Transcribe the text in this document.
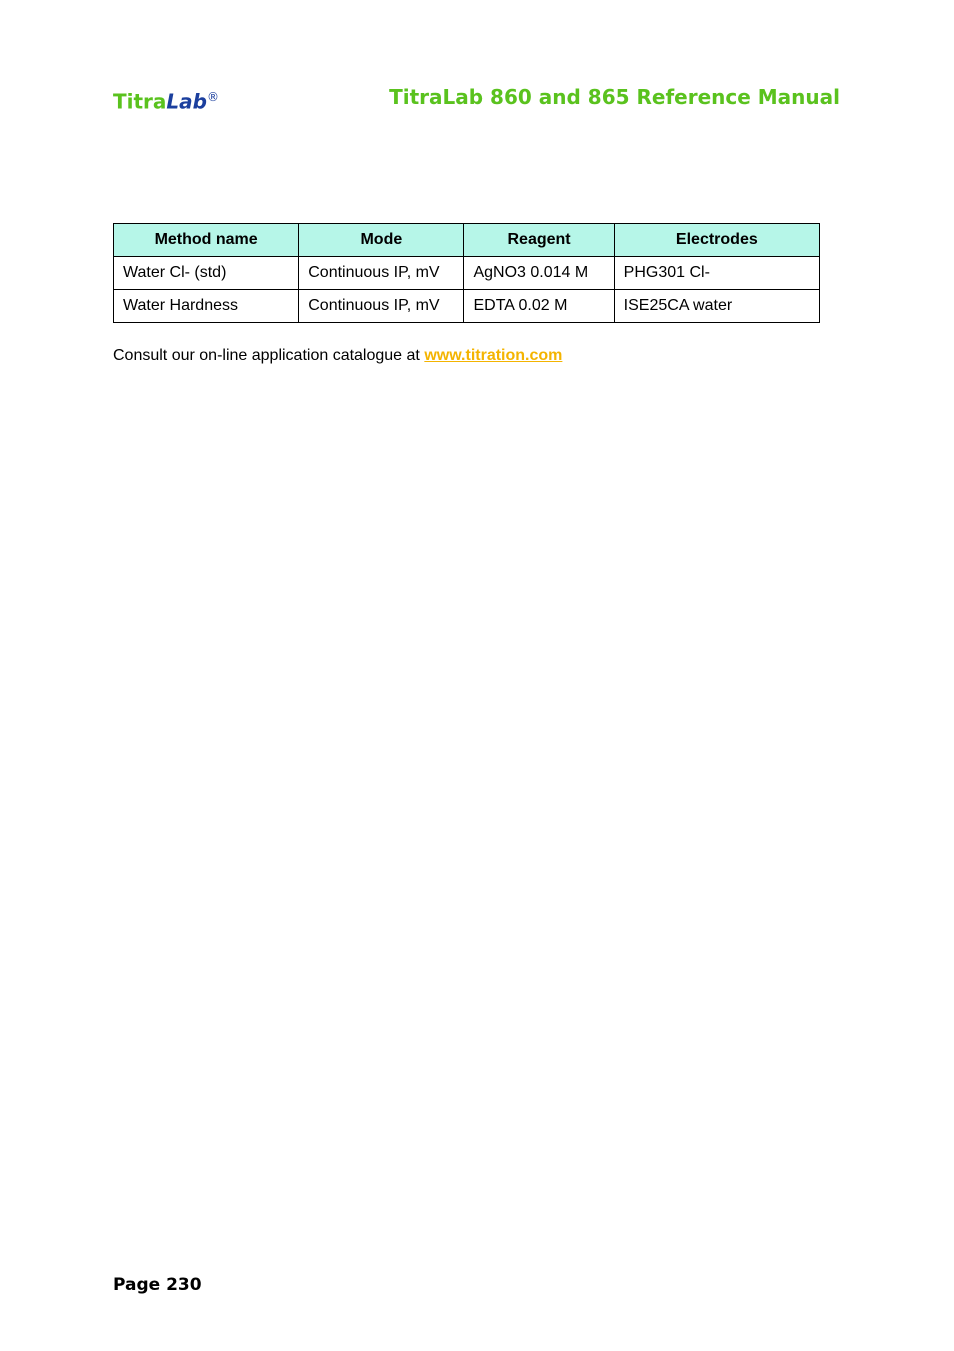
TitraLab®	TitraLab 860 and 865 Reference Manual
Method name	Mode	Reagent	Electrodes
Water Cl- (std)	Continuous IP, mV	AgNO3 0.014 M	PHG301 Cl-
Water Hardness	Continuous IP, mV	EDTA 0.02 M	ISE25CA water
Consult our on-line application catalogue at www.titration.com
Page 230
